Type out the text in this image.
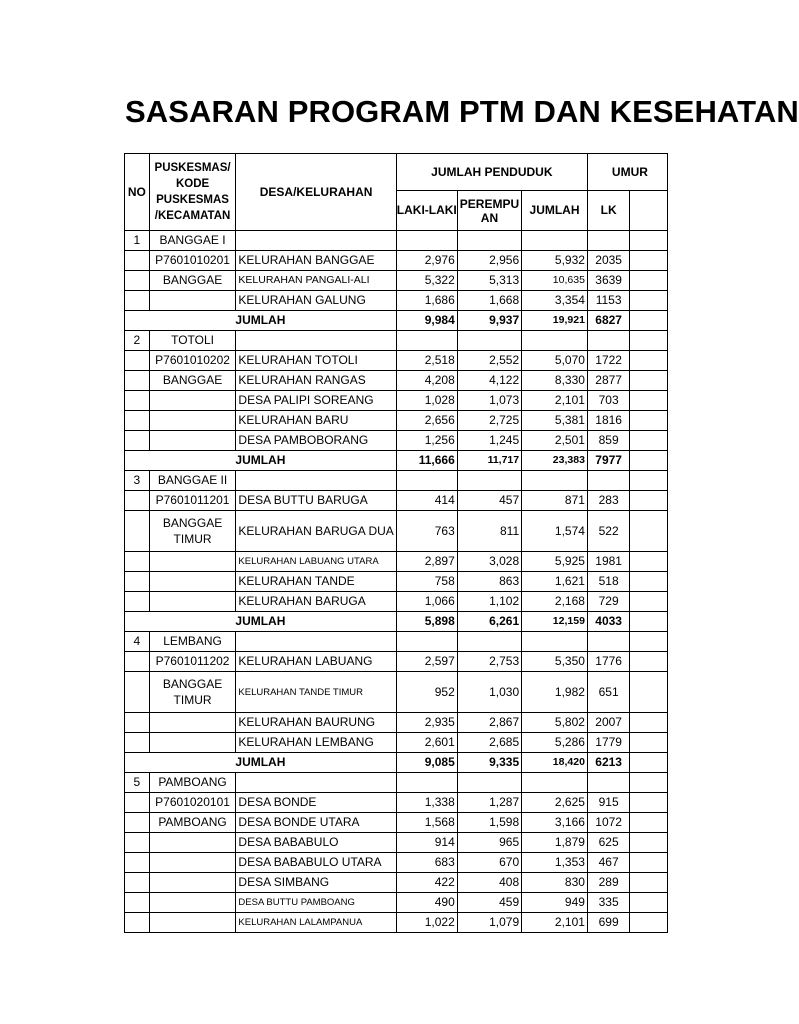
SASARAN PROGRAM PTM DAN KESEHATAN
NO	PUSKESMAS/ KODE PUSKESMAS /KECAMATAN	DESA/KELURAHAN	JUMLAH PENDUDUK			UMUR	
			LAKI-LAKI	PEREMPU AN	JUMLAH	LK	
1	BANGGAE I						
	P7601010201	KELURAHAN BANGGAE	2,976	2,956	5,932	2035	
	BANGGAE	KELURAHAN PANGALI-ALI	5,322	5,313	10,635	3639	
		KELURAHAN GALUNG	1,686	1,668	3,354	1153	
JUMLAH			9,984	9,937	19,921	6827	
2	TOTOLI						
	P7601010202	KELURAHAN TOTOLI	2,518	2,552	5,070	1722	
	BANGGAE	KELURAHAN RANGAS	4,208	4,122	8,330	2877	
		DESA PALIPI SOREANG	1,028	1,073	2,101	703	
		KELURAHAN BARU	2,656	2,725	5,381	1816	
		DESA PAMBOBORANG	1,256	1,245	2,501	859	
JUMLAH			11,666	11,717	23,383	7977	
3	BANGGAE II						
	P7601011201	DESA BUTTU BARUGA	414	457	871	283	
	BANGGAE TIMUR	KELURAHAN BARUGA DUA	763	811	1,574	522	
		KELURAHAN LABUANG UTARA	2,897	3,028	5,925	1981	
		KELURAHAN TANDE	758	863	1,621	518	
		KELURAHAN BARUGA	1,066	1,102	2,168	729	
JUMLAH			5,898	6,261	12,159	4033	
4	LEMBANG						
	P7601011202	KELURAHAN LABUANG	2,597	2,753	5,350	1776	
	BANGGAE TIMUR	KELURAHAN TANDE TIMUR	952	1,030	1,982	651	
		KELURAHAN BAURUNG	2,935	2,867	5,802	2007	
		KELURAHAN LEMBANG	2,601	2,685	5,286	1779	
JUMLAH			9,085	9,335	18,420	6213	
5	PAMBOANG						
	P7601020101	DESA BONDE	1,338	1,287	2,625	915	
	PAMBOANG	DESA BONDE UTARA	1,568	1,598	3,166	1072	
		DESA BABABULO	914	965	1,879	625	
		DESA BABABULO UTARA	683	670	1,353	467	
		DESA SIMBANG	422	408	830	289	
		DESA BUTTU PAMBOANG	490	459	949	335	
		KELURAHAN LALAMPANUA	1,022	1,079	2,101	699	
